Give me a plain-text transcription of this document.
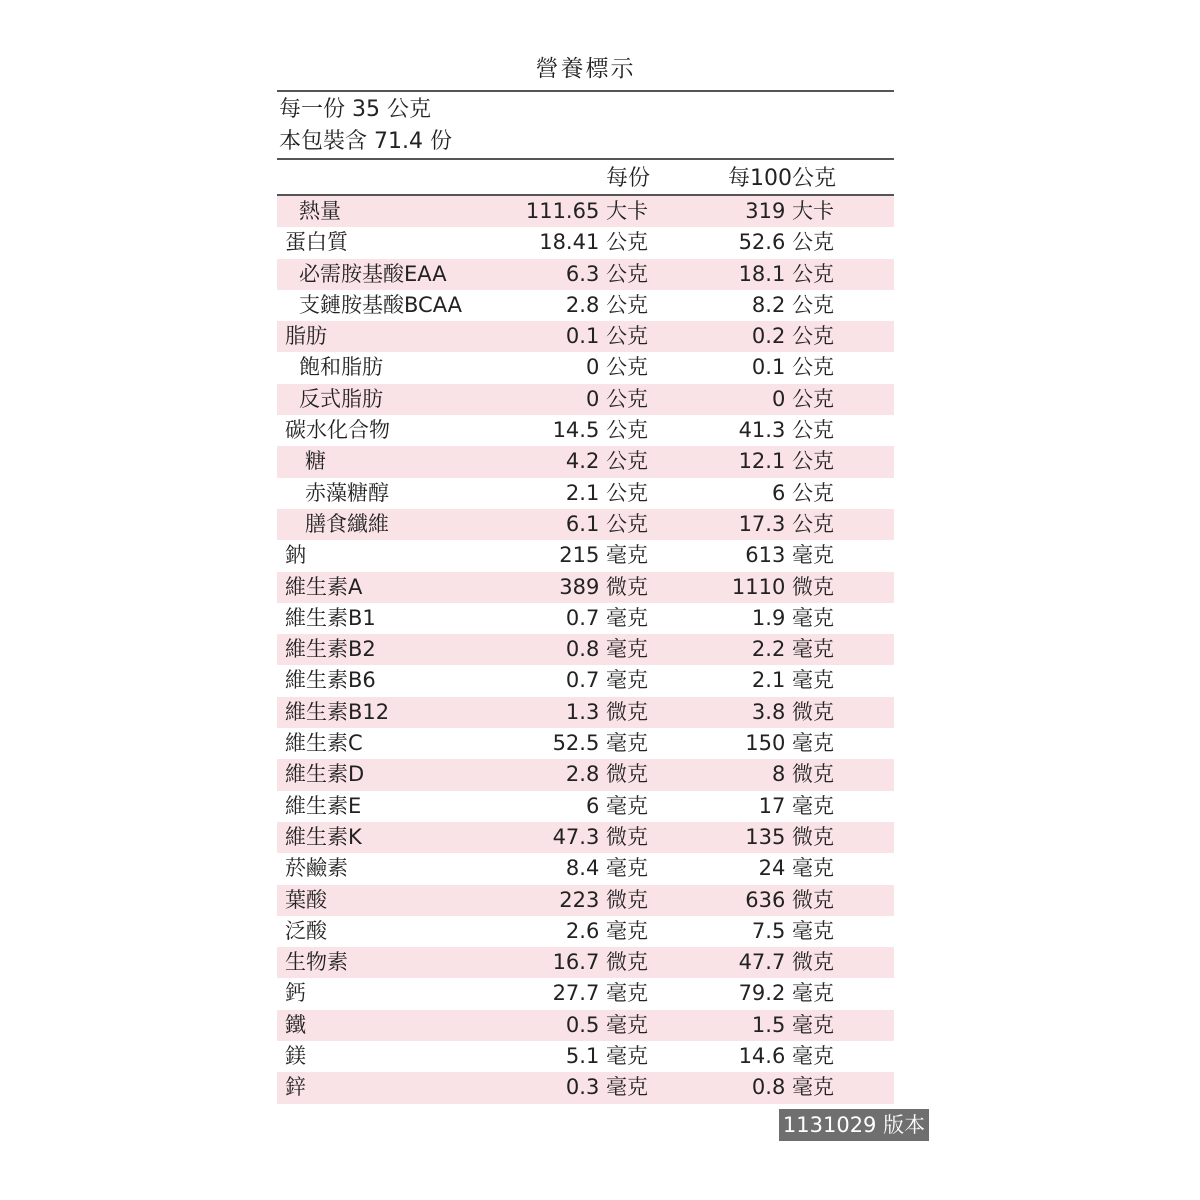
營養標示
每一份 35 公克
本包裝含 71.4 份
每份	每100公克
熱量	111.65 大卡	319 大卡
蛋白質	18.41 公克	52.6 公克
必需胺基酸EAA	6.3 公克	18.1 公克
支鏈胺基酸BCAA	2.8 公克	8.2 公克
脂肪	0.1 公克	0.2 公克
飽和脂肪	0 公克	0.1 公克
反式脂肪	0 公克	0 公克
碳水化合物	14.5 公克	41.3 公克
糖	4.2 公克	12.1 公克
赤藻糖醇	2.1 公克	6 公克
膳食纖維	6.1 公克	17.3 公克
鈉	215 毫克	613 毫克
維生素A	389 微克	1110 微克
維生素B1	0.7 毫克	1.9 毫克
維生素B2	0.8 毫克	2.2 毫克
維生素B6	0.7 毫克	2.1 毫克
維生素B12	1.3 微克	3.8 微克
維生素C	52.5 毫克	150 毫克
維生素D	2.8 微克	8 微克
維生素E	6 毫克	17 毫克
維生素K	47.3 微克	135 微克
菸鹼素	8.4 毫克	24 毫克
葉酸	223 微克	636 微克
泛酸	2.6 毫克	7.5 毫克
生物素	16.7 微克	47.7 微克
鈣	27.7 毫克	79.2 毫克
鐵	0.5 毫克	1.5 毫克
鎂	5.1 毫克	14.6 毫克
鋅	0.3 毫克	0.8 毫克
1131029 版本
